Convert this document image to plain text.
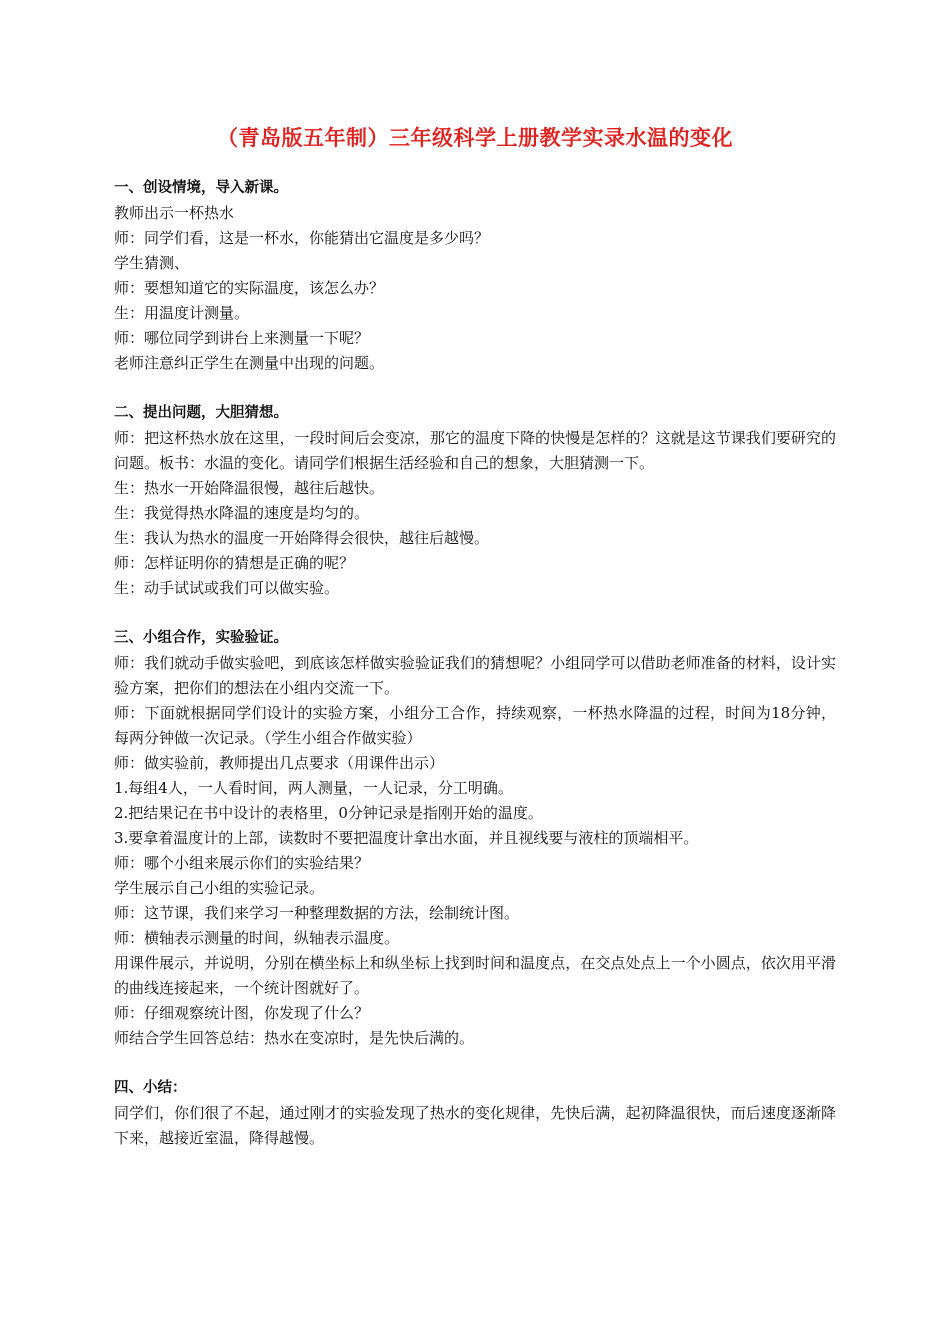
（青岛版五年制）三年级科学上册教学实录水温的变化

一、创设情境，导入新课。

教师出示一杯热水

师：同学们看，这是一杯水，你能猜出它温度是多少吗？

学生猜测、

师：要想知道它的实际温度，该怎么办？

生：用温度计测量。

师：哪位同学到讲台上来测量一下呢？

老师注意纠正学生在测量中出现的问题。

二、提出问题，大胆猜想。

师：把这杯热水放在这里，一段时间后会变凉，那它的温度下降的快慢是怎样的？这就是这节课我们要研究的问题。板书：水温的变化。请同学们根据生活经验和自己的想象，大胆猜测一下。

生：热水一开始降温很慢，越往后越快。

生：我觉得热水降温的速度是均匀的。

生：我认为热水的温度一开始降得会很快，越往后越慢。

师：怎样证明你的猜想是正确的呢？

生：动手试试或我们可以做实验。

三、小组合作，实验验证。

师：我们就动手做实验吧，到底该怎样做实验验证我们的猜想呢？小组同学可以借助老师准备的材料，设计实验方案，把你们的想法在小组内交流一下。

师：下面就根据同学们设计的实验方案，小组分工合作，持续观察，一杯热水降温的过程，时间为18分钟，每两分钟做一次记录。（学生小组合作做实验）

师：做实验前，教师提出几点要求（用课件出示）

1.每组4人，一人看时间，两人测量，一人记录，分工明确。

2.把结果记在书中设计的表格里，0分钟记录是指刚开始的温度。

3.要拿着温度计的上部，读数时不要把温度计拿出水面，并且视线要与液柱的顶端相平。

师：哪个小组来展示你们的实验结果？

学生展示自己小组的实验记录。

师：这节课，我们来学习一种整理数据的方法，绘制统计图。

师：横轴表示测量的时间，纵轴表示温度。

用课件展示，并说明，分别在横坐标上和纵坐标上找到时间和温度点，在交点处点上一个小圆点，依次用平滑的曲线连接起来，一个统计图就好了。

师：仔细观察统计图，你发现了什么？

师结合学生回答总结：热水在变凉时，是先快后满的。

四、小结：

同学们，你们很了不起，通过刚才的实验发现了热水的变化规律，先快后满，起初降温很快，而后速度逐渐降下来，越接近室温，降得越慢。
